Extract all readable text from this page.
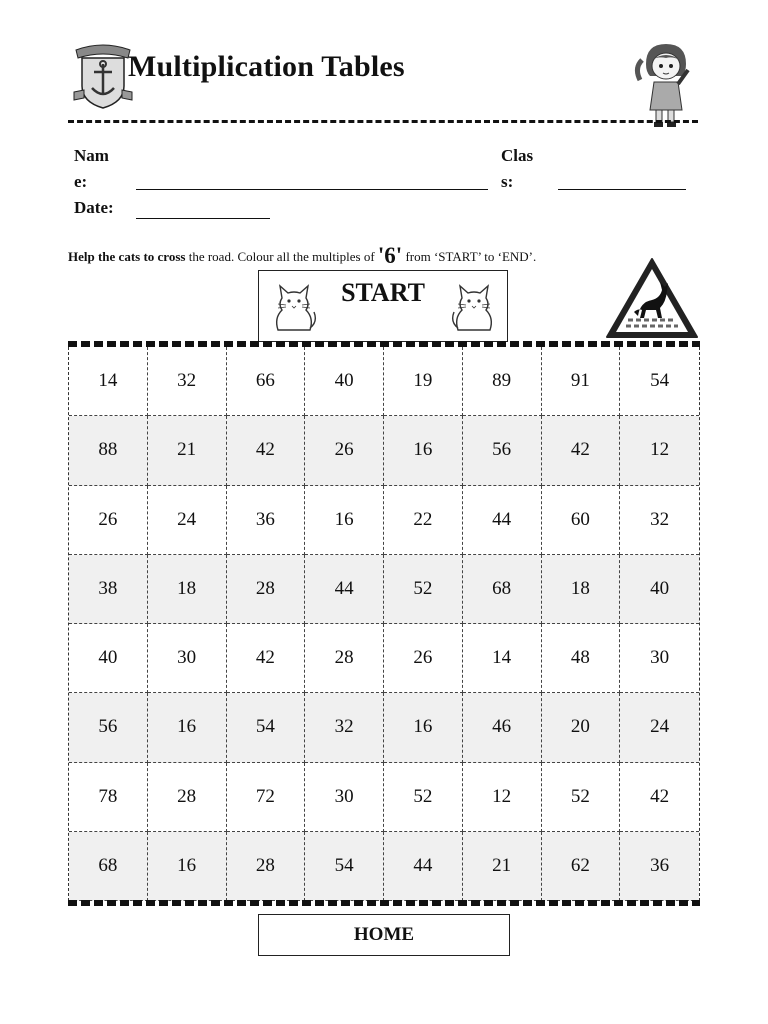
Multiplication Tables
Nam
e:
Clas
s:
Date:
Help the cats to cross the road. Colour all the multiples of '6' from ‘START’ to ‘END’.
START
14	32	66	40	19	89	91	54
88	21	42	26	16	56	42	12
26	24	36	16	22	44	60	32
38	18	28	44	52	68	18	40
40	30	42	28	26	14	48	30
56	16	54	32	16	46	20	24
78	28	72	30	52	12	52	42
68	16	28	54	44	21	62	36
HOME
